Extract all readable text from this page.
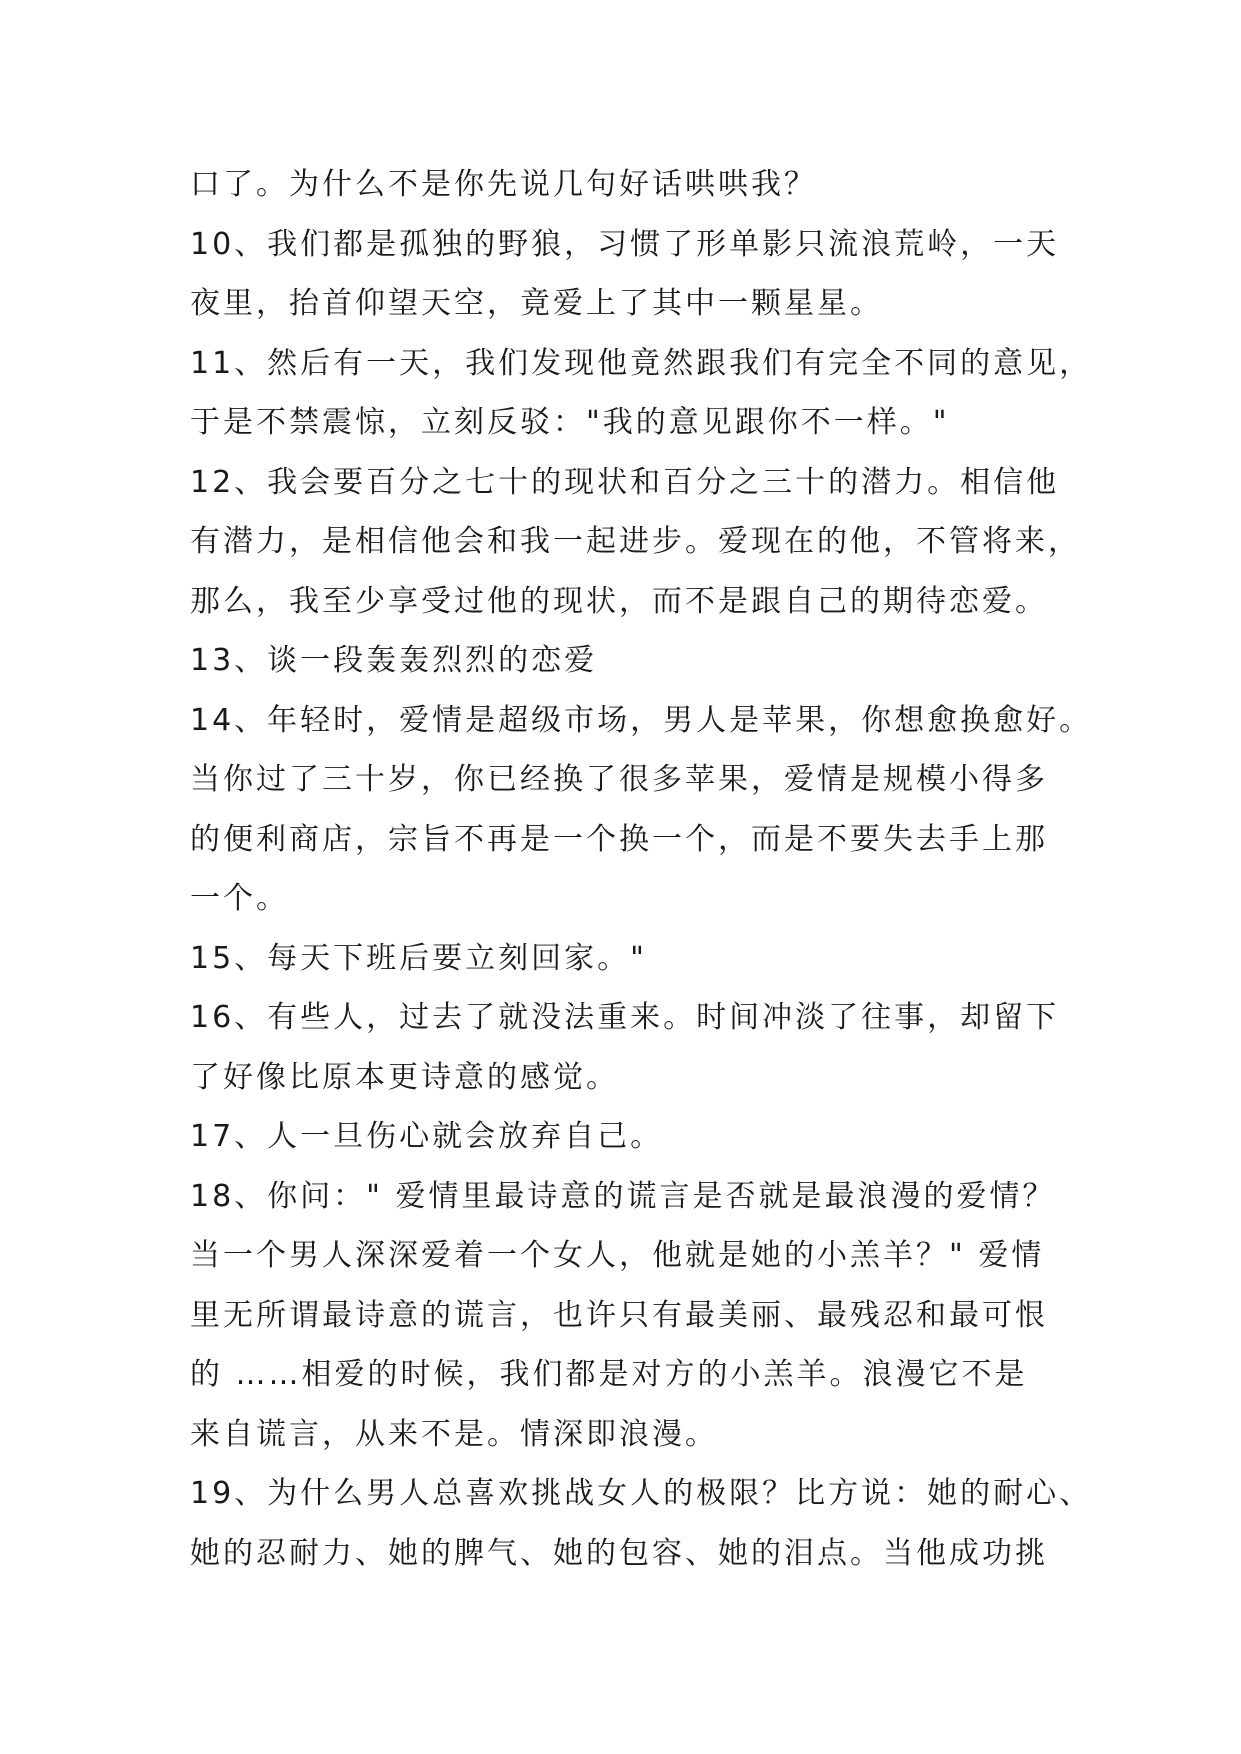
口了。为什么不是你先说几句好话哄哄我？
10、我们都是孤独的野狼，习惯了形单影只流浪荒岭，一天
夜里，抬首仰望天空，竟爱上了其中一颗星星。
11、然后有一天，我们发现他竟然跟我们有完全不同的意见，
于是不禁震惊，立刻反驳："我的意见跟你不一样。"
12、我会要百分之七十的现状和百分之三十的潜力。相信他
有潜力，是相信他会和我一起进步。爱现在的他，不管将来，
那么，我至少享受过他的现状，而不是跟自己的期待恋爱。
13、谈一段轰轰烈烈的恋爱
14、年轻时，爱情是超级市场，男人是苹果，你想愈换愈好。
当你过了三十岁，你已经换了很多苹果，爱情是规模小得多
的便利商店，宗旨不再是一个换一个，而是不要失去手上那
一个。
15、每天下班后要立刻回家。"
16、有些人，过去了就没法重来。时间冲淡了往事，却留下
了好像比原本更诗意的感觉。
17、人一旦伤心就会放弃自己。
18、你问：" 爱情里最诗意的谎言是否就是最浪漫的爱情？
当一个男人深深爱着一个女人，他就是她的小羔羊？" 爱情
里无所谓最诗意的谎言，也许只有最美丽、最残忍和最可恨
的 ……相爱的时候，我们都是对方的小羔羊。浪漫它不是
来自谎言，从来不是。情深即浪漫。
19、为什么男人总喜欢挑战女人的极限？比方说：她的耐心、
她的忍耐力、她的脾气、她的包容、她的泪点。当他成功挑
